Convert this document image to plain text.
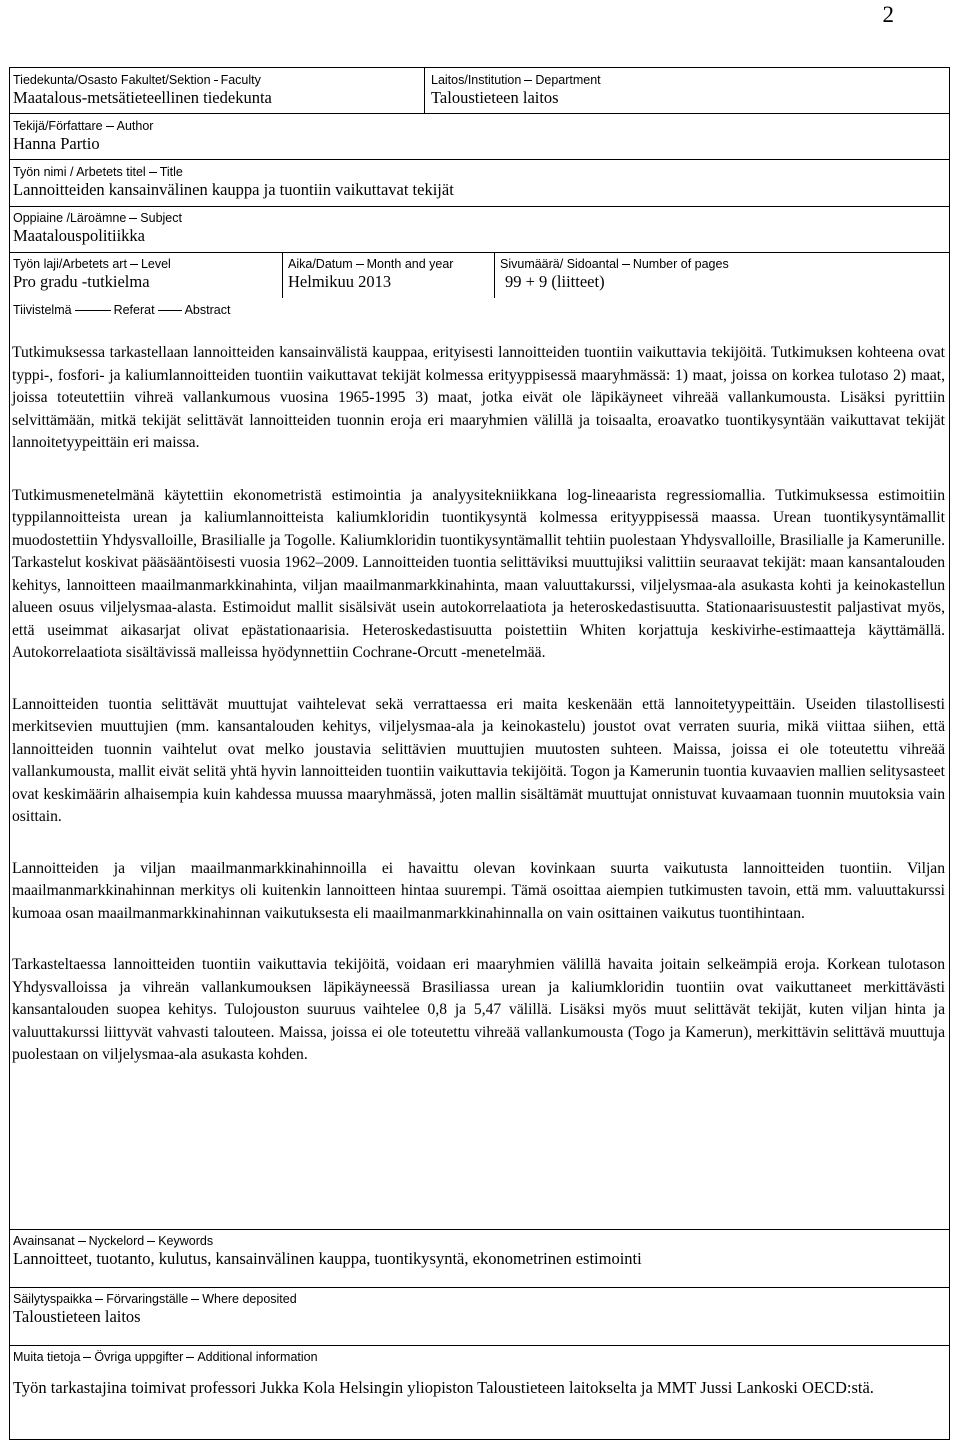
2
Tiedekunta/Osasto Fakultet/Sektion Faculty
Maatalous-metsätieteellinen tiedekunta
Laitos/Institution Department
Taloustieteen laitos
Tekijä/Författare Author
Hanna Partio
Työn nimi / Arbetets titel Title
Lannoitteiden kansainvälinen kauppa ja tuontiin vaikuttavat tekijät
Oppiaine /Läroämne Subject
Maatalouspolitiikka
Työn laji/Arbetets art Level
Pro gradu -tutkielma
Aika/Datum Month and year
Helmikuu 2013
Sivumäärä/ Sidoantal Number of pages
99 + 9 (liitteet)
Tiivistelmä	Referat Abstract

Tutkimuksessa tarkastellaan lannoitteiden kansainvälistä kauppaa, erityisesti lannoitteiden tuontiin vaikuttavia tekijöitä. Tutkimuksen kohteena ovat typpi-, fosfori- ja kaliumlannoitteiden tuontiin vaikuttavat tekijät kolmessa erityyppisessä maaryhmässä: 1) maat, joissa on korkea tulotaso 2) maat, joissa toteutettiin vihreä vallankumous vuosina 1965-1995 3) maat, jotka eivät ole läpikäyneet vihreää vallankumousta. Lisäksi pyrittiin selvittämään, mitkä tekijät selittävät lannoitteiden tuonnin eroja eri maaryhmien välillä ja toisaalta, eroavatko tuontikysyntään vaikuttavat tekijät lannoitetyypeittäin eri maissa.

Tutkimusmenetelmänä käytettiin ekonometristä estimointia ja analyysitekniikkana log-lineaarista regressiomallia. Tutkimuksessa estimoitiin typpilannoitteista urean ja kaliumlannoitteista kaliumkloridin tuontikysyntä kolmessa erityyppisessä maassa. Urean tuontikysyntämallit muodostettiin Yhdysvalloille, Brasilialle ja Togolle. Kaliumkloridin tuontikysyntämallit tehtiin puolestaan Yhdysvalloille, Brasilialle ja Kamerunille. Tarkastelut koskivat pääsääntöisesti vuosia 1962–2009. Lannoitteiden tuontia selittäviksi muuttujiksi valittiin seuraavat tekijät: maan kansantalouden kehitys, lannoitteen maailmanmarkkinahinta, viljan maailmanmarkkinahinta, maan valuuttakurssi, viljelysmaa-ala asukasta kohti ja keinokastellun alueen osuus viljelysmaa-alasta. Estimoidut mallit sisälsivät usein autokorrelaatiota ja heteroskedastisuutta. Stationaarisuustestit paljastivat myös, että useimmat aikasarjat olivat epästationaarisia. Heteroskedastisuutta poistettiin Whiten korjattuja keskivirhe-estimaatteja käyttämällä. Autokorrelaatiota sisältävissä malleissa hyödynnettiin Cochrane-Orcutt -menetelmää.

Lannoitteiden tuontia selittävät muuttujat vaihtelevat sekä verrattaessa eri maita keskenään että lannoitetyypeittäin. Useiden tilastollisesti merkitsevien muuttujien (mm. kansantalouden kehitys, viljelysmaa-ala ja keinokastelu) joustot ovat verraten suuria, mikä viittaa siihen, että lannoitteiden tuonnin vaihtelut ovat melko joustavia selittävien muuttujien muutosten suhteen. Maissa, joissa ei ole toteutettu vihreää vallankumousta, mallit eivät selitä yhtä hyvin lannoitteiden tuontiin vaikuttavia tekijöitä. Togon ja Kamerunin tuontia kuvaavien mallien selitysasteet ovat keskimäärin alhaisempia kuin kahdessa muussa maaryhmässä, joten mallin sisältämät muuttujat onnistuvat kuvaamaan tuonnin muutoksia vain osittain.

Lannoitteiden ja viljan maailmanmarkkinahinnoilla ei havaittu olevan kovinkaan suurta vaikutusta lannoitteiden tuontiin. Viljan maailmanmarkkinahinnan merkitys oli kuitenkin lannoitteen hintaa suurempi. Tämä osoittaa aiempien tutkimusten tavoin, että mm. valuuttakurssi kumoaa osan maailmanmarkkinahinnan vaikutuksesta eli maailmanmarkkinahinnalla on vain osittainen vaikutus tuontihintaan.

Tarkasteltaessa lannoitteiden tuontiin vaikuttavia tekijöitä, voidaan eri maaryhmien välillä havaita joitain selkeämpiä eroja. Korkean tulotason Yhdysvalloissa ja vihreän vallankumouksen läpikäyneessä Brasiliassa urean ja kaliumkloridin tuontiin ovat vaikuttaneet merkittävästi kansantalouden suopea kehitys. Tulojouston suuruus vaihtelee 0,8 ja 5,47 välillä. Lisäksi myös muut selittävät tekijät, kuten viljan hinta ja valuuttakurssi liittyvät vahvasti talouteen. Maissa, joissa ei ole toteutettu vihreää vallankumousta (Togo ja Kamerun), merkittävin selittävä muuttuja puolestaan on viljelysmaa-ala asukasta kohden.

Avainsanat Nyckelord Keywords
Lannoitteet, tuotanto, kulutus, kansainvälinen kauppa, tuontikysyntä, ekonometrinen estimointi
Säilytyspaikka Förvaringställe Where deposited
Taloustieteen laitos
Muita tietoja Övriga uppgifter Additional information
Työn tarkastajina toimivat professori Jukka Kola Helsingin yliopiston Taloustieteen laitokselta ja MMT Jussi Lankoski OECD:stä.
